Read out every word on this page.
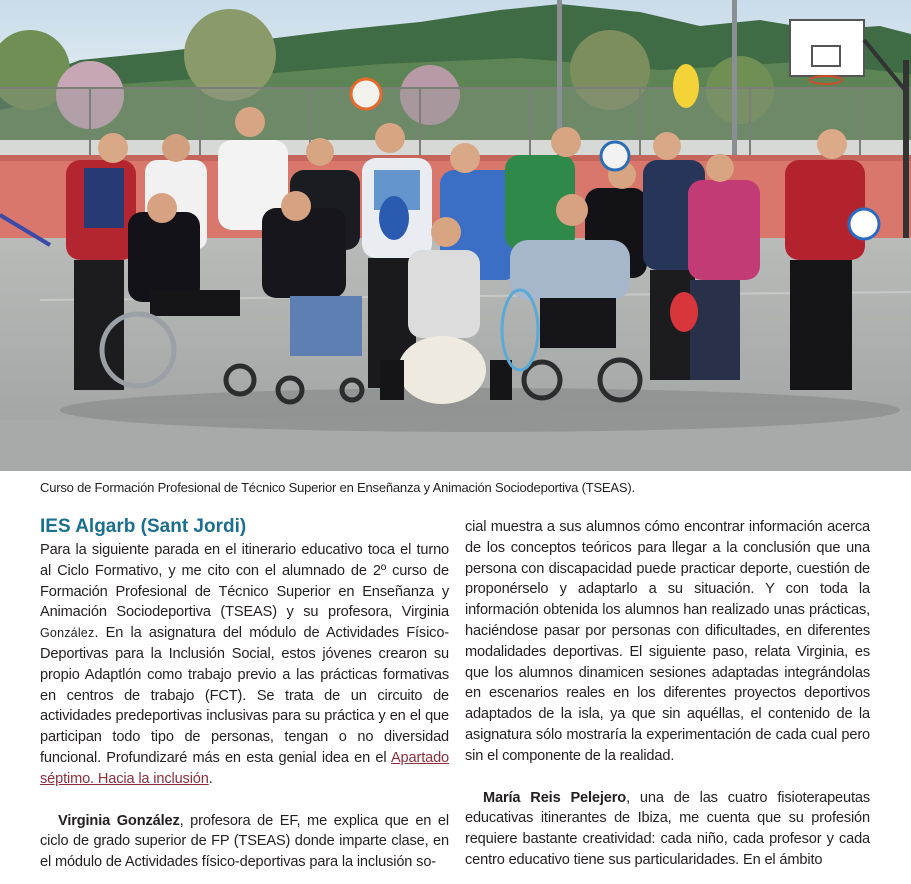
Curso de Formación Profesional de Técnico Superior en Enseñanza y Animación Sociodeportiva (TSEAS).
IES Algarb (Sant Jordi)

Para la siguiente parada en el itinerario educativo toca el turno al Ciclo Formativo, y me cito con el alumnado de 2º curso de Formación Profesional de Técnico Superior en Enseñanza y Animación Sociodeportiva (TSEAS) y su profesora, Virginia González. En la asignatura del módulo de Actividades Físico-Deportivas para la Inclusión Social, estos jóvenes crearon su propio Adaptlón como trabajo previo a las prácticas formativas en centros de trabajo (FCT). Se trata de un circuito de actividades predeportivas inclusivas para su práctica y en el que participan todo tipo de personas, tengan o no diversidad funcional. Profundizaré más en esta genial idea en el Apartado séptimo. Hacia la inclusión.

Virginia González, profesora de EF, me explica que en el ciclo de grado superior de FP (TSEAS) donde imparte clase, en el módulo de Actividades físico-deportivas para la inclusión so-

cial muestra a sus alumnos cómo encontrar información acerca de los conceptos teóricos para llegar a la conclusión que una persona con discapacidad puede practicar deporte, cuestión de proponérselo y adaptarlo a su situación. Y con toda la información obtenida los alumnos han realizado unas prácticas, haciéndose pasar por personas con dificultades, en diferentes modalidades deportivas. El siguiente paso, relata Virginia, es que los alumnos dinamicen sesiones adaptadas integrándolas en escenarios reales en los diferentes proyectos deportivos adaptados de la isla, ya que sin aquéllas, el contenido de la asignatura sólo mostraría la experimentación de cada cual pero sin el componente de la realidad.

María Reis Pelejero, una de las cuatro fisioterapeutas educativas itinerantes de Ibiza, me cuenta que su profesión requiere bastante creatividad: cada niño, cada profesor y cada centro educativo tiene sus particularidades. En el ámbito
